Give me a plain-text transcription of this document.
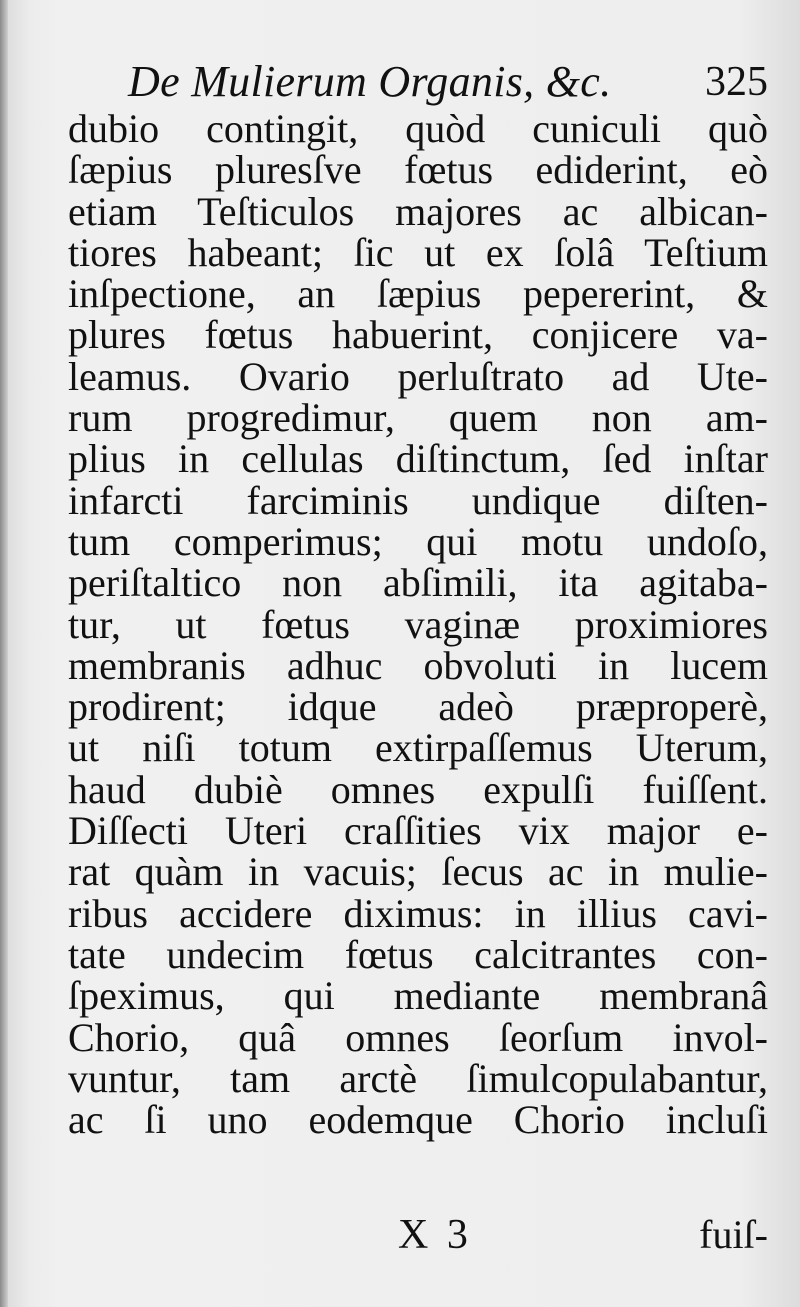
De Mulierum Organis, &c. 325
dubio contingit, quòd cuniculi quò
ſæpius pluresſve fœtus ediderint, eò
etiam Teſticulos majores ac albican-
tiores habeant; ſic ut ex ſolâ Teſtium
inſpectione, an ſæpius pepererint, &
plures fœtus habuerint, conjicere va-
leamus. Ovario perluſtrato ad Ute-
rum progredimur, quem non am-
plius in cellulas diſtinctum, ſed inſtar
infarcti farciminis undique diſten-
tum comperimus; qui motu undoſo,
periſtaltico non abſimili, ita agitaba-
tur, ut fœtus vaginæ proximiores
membranis adhuc obvoluti in lucem
prodirent; idque adeò præproperè,
ut niſi totum extirpaſſemus Uterum,
haud dubiè omnes expulſi fuiſſent.
Diſſecti Uteri craſſities vix major e-
rat quàm in vacuis; ſecus ac in mulie-
ribus accidere diximus: in illius cavi-
tate undecim fœtus calcitrantes con-
ſpeximus, qui mediante membranâ
Chorio, quâ omnes ſeorſum invol-
vuntur, tam arctè ſimulcopulabantur,
ac ſi uno eodemque Chorio incluſi
X 3	fuiſ-
